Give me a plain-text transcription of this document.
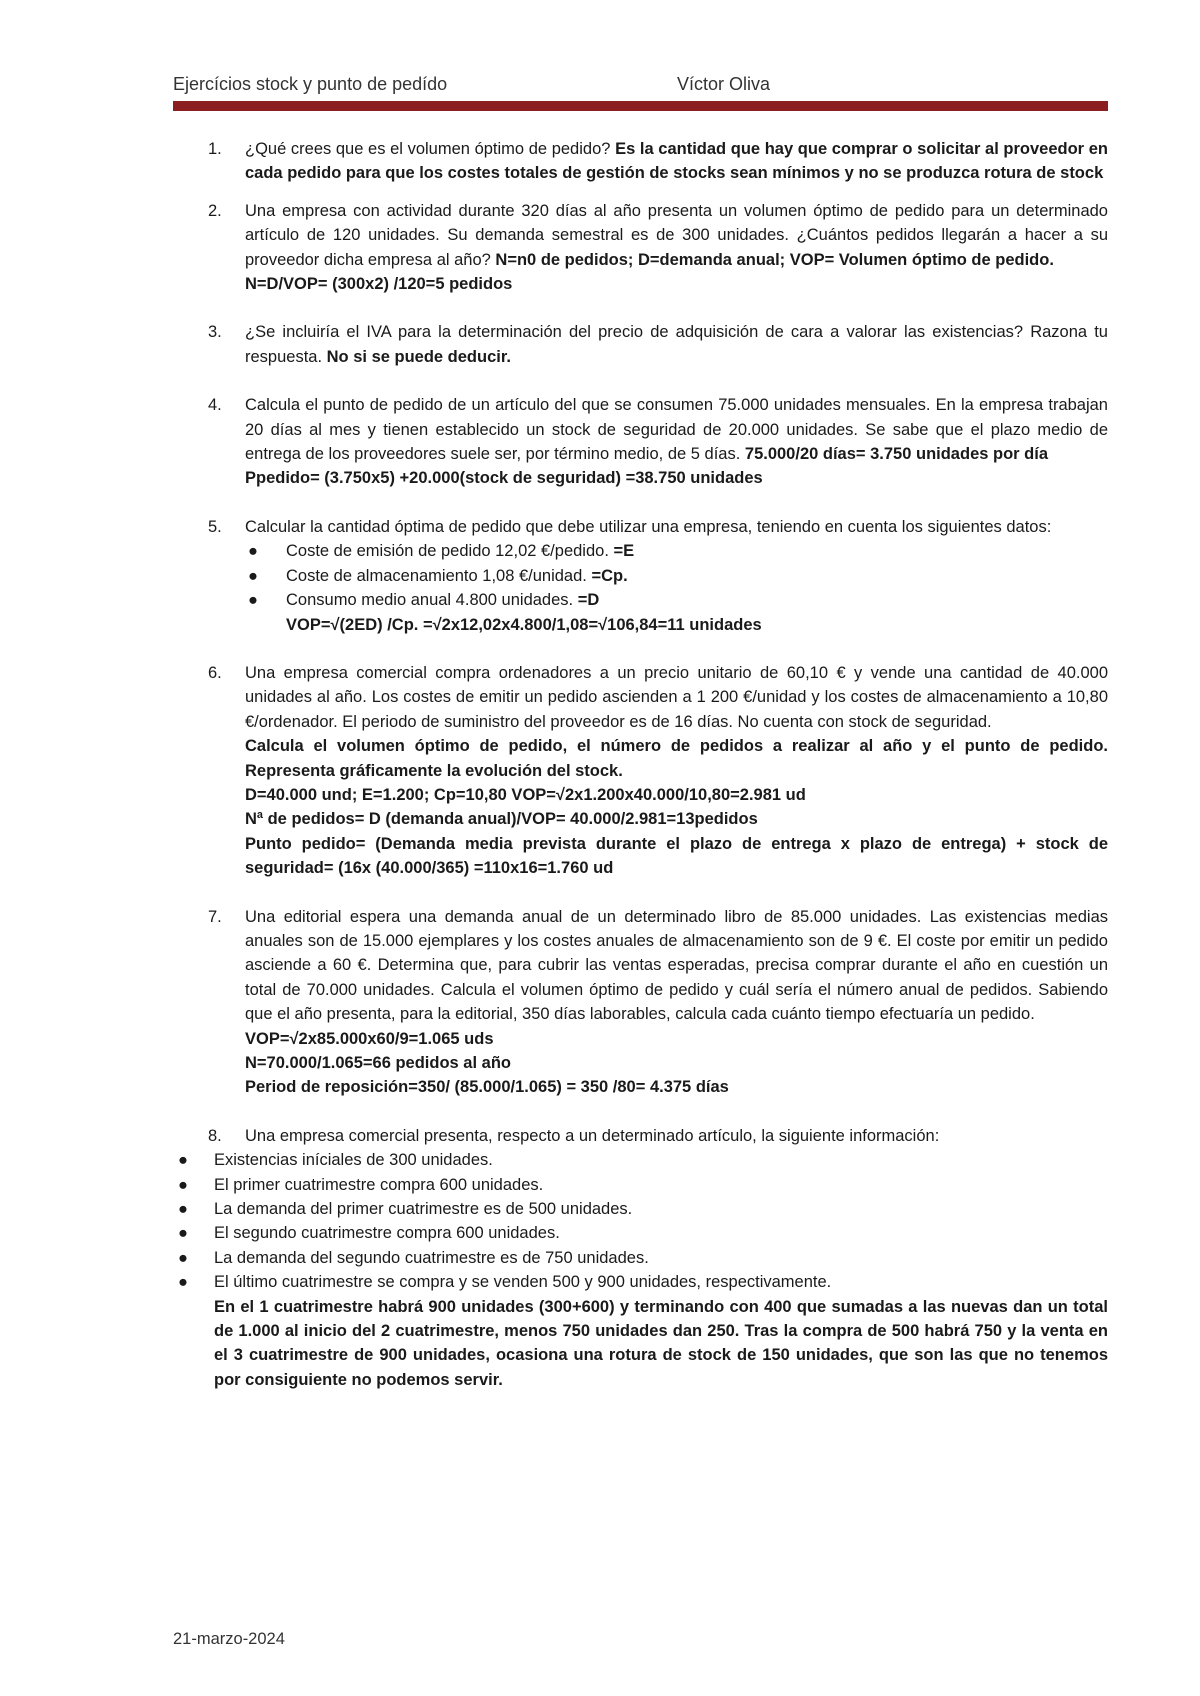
Ejercícios stock y punto de pedído	Víctor Oliva
1. ¿Qué crees que es el volumen óptimo de pedido? Es la cantidad que hay que comprar o solicitar al proveedor en cada pedido para que los costes totales de gestión de stocks sean mínimos y no se produzca rotura de stock
2. Una empresa con actividad durante 320 días al año presenta un volumen óptimo de pedido para un determinado artículo de 120 unidades. Su demanda semestral es de 300 unidades. ¿Cuántos pedidos llegarán a hacer a su proveedor dicha empresa al año? N=n0 de pedidos; D=demanda anual; VOP= Volumen óptimo de pedido.
N=D/VOP= (300x2) /120=5 pedidos
3. ¿Se incluiría el IVA para la determinación del precio de adquisición de cara a valorar las existencias? Razona tu respuesta. No si se puede deducir.
4. Calcula el punto de pedido de un artículo del que se consumen 75.000 unidades mensuales. En la empresa trabajan 20 días al mes y tienen establecido un stock de seguridad de 20.000 unidades. Se sabe que el plazo medio de entrega de los proveedores suele ser, por término medio, de 5 días. 75.000/20 días= 3.750 unidades por día
Ppedido= (3.750x5) +20.000(stock de seguridad) =38.750 unidades
5. Calcular la cantidad óptima de pedido que debe utilizar una empresa, teniendo en cuenta los siguientes datos:
● Coste de emisión de pedido 12,02 €/pedido. =E
● Coste de almacenamiento 1,08 €/unidad. =Cp.
● Consumo medio anual 4.800 unidades. =D
VOP=√(2ED) /Cp. =√2x12,02x4.800/1,08=√106,84=11 unidades
6. Una empresa comercial compra ordenadores a un precio unitario de 60,10 € y vende una cantidad de 40.000 unidades al año. Los costes de emitir un pedido ascienden a 1 200 €/unidad y los costes de almacenamiento a 10,80 €/ordenador. El periodo de suministro del proveedor es de 16 días. No cuenta con stock de seguridad.
Calcula el volumen óptimo de pedido, el número de pedidos a realizar al año y el punto de pedido. Representa gráficamente la evolución del stock.
D=40.000 und; E=1.200; Cp=10,80 VOP=√2x1.200x40.000/10,80=2.981 ud
Nª de pedidos= D (demanda anual)/VOP= 40.000/2.981=13pedidos
Punto pedido= (Demanda media prevista durante el plazo de entrega x plazo de entrega) + stock de seguridad= (16x (40.000/365) =110x16=1.760 ud
7. Una editorial espera una demanda anual de un determinado libro de 85.000 unidades. Las existencias medias anuales son de 15.000 ejemplares y los costes anuales de almacenamiento son de 9 €. El coste por emitir un pedido asciende a 60 €. Determina que, para cubrir las ventas esperadas, precisa comprar durante el año en cuestión un total de 70.000 unidades. Calcula el volumen óptimo de pedido y cuál sería el número anual de pedidos. Sabiendo que el año presenta, para la editorial, 350 días laborables, calcula cada cuánto tiempo efectuaría un pedido.
VOP=√2x85.000x60/9=1.065 uds
N=70.000/1.065=66 pedidos al año
Period de reposición=350/ (85.000/1.065) = 350 /80= 4.375 días
8. Una empresa comercial presenta, respecto a un determinado artículo, la siguiente información:
● Existencias iníciales de 300 unidades.
● El primer cuatrimestre compra 600 unidades.
● La demanda del primer cuatrimestre es de 500 unidades.
● El segundo cuatrimestre compra 600 unidades.
● La demanda del segundo cuatrimestre es de 750 unidades.
● El último cuatrimestre se compra y se venden 500 y 900 unidades, respectivamente.
En el 1 cuatrimestre habrá 900 unidades (300+600) y terminando con 400 que sumadas a las nuevas dan un total de 1.000 al inicio del 2 cuatrimestre, menos 750 unidades dan 250. Tras la compra de 500 habrá 750 y la venta en el 3 cuatrimestre de 900 unidades, ocasiona una rotura de stock de 150 unidades, que son las que no tenemos por consiguiente no podemos servir.
21-marzo-2024
